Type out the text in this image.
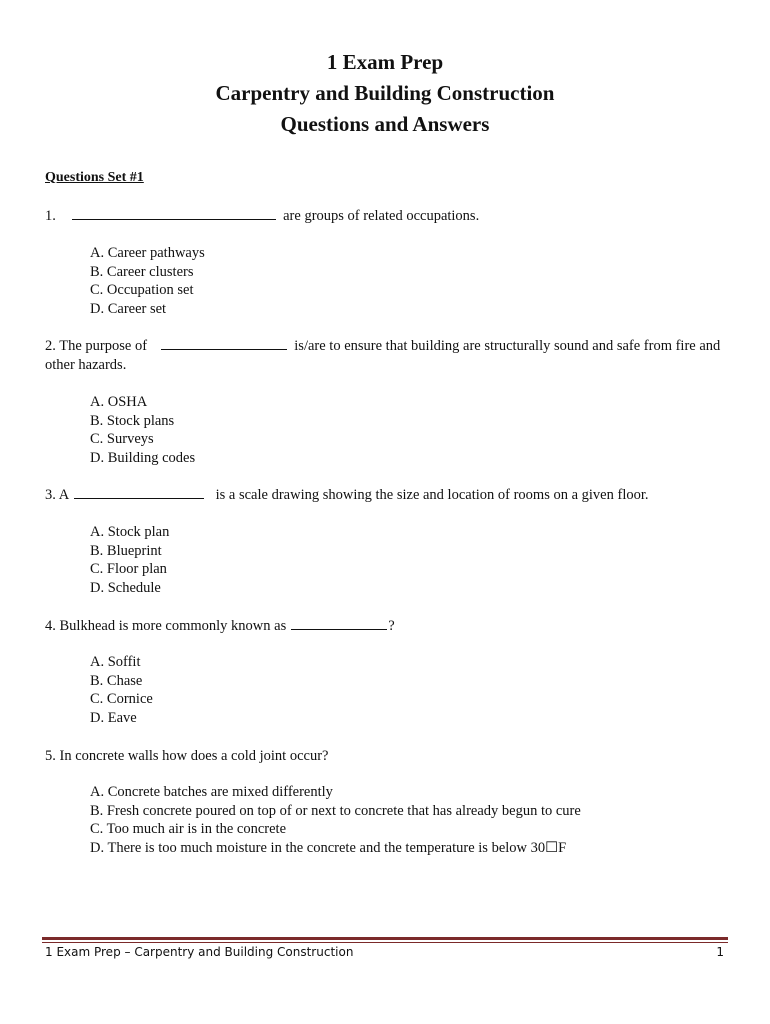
1 Exam Prep
Carpentry and Building Construction
Questions and Answers
Questions Set #1
1.	are groups of related occupations.
A. Career pathways
B. Career clusters
C. Occupation set
D. Career set
2. The purpose of	is/are to ensure that building are structurally sound and safe from fire and other hazards.
A. OSHA
B. Stock plans
C. Surveys
D. Building codes
3. A	is a scale drawing showing the size and location of rooms on a given floor.
A. Stock plan
B. Blueprint
C. Floor plan
D. Schedule
4. Bulkhead is more commonly known as	?
A. Soffit
B. Chase
C. Cornice
D. Eave
5. In concrete walls how does a cold joint occur?
A. Concrete batches are mixed differently
B. Fresh concrete poured on top of or next to concrete that has already begun to cure
C. Too much air is in the concrete
D. There is too much moisture in the concrete and the temperature is below 30☐F
1 Exam Prep – Carpentry and Building Construction	1
